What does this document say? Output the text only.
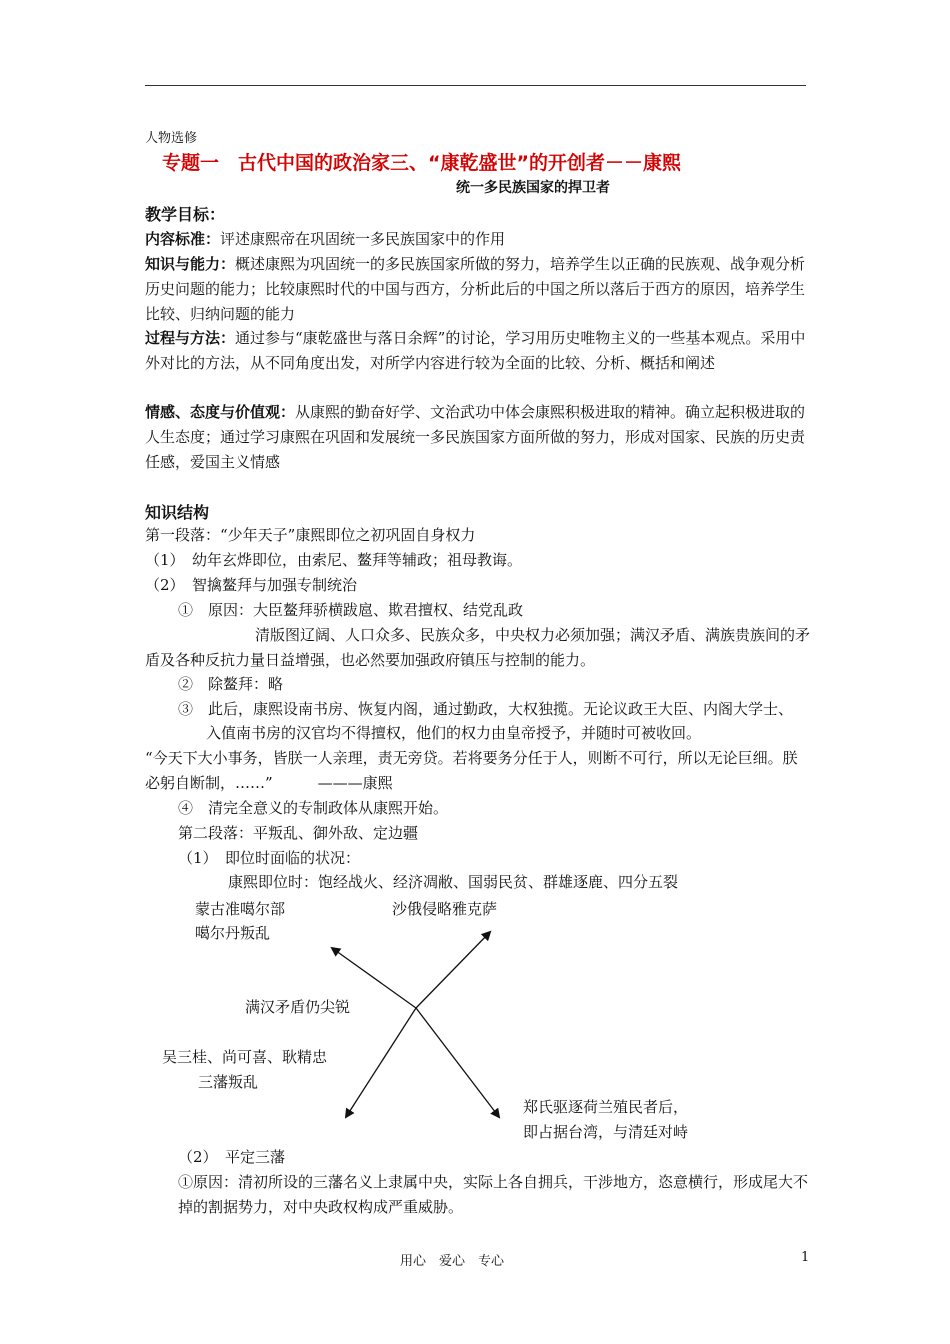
人物选修
专题一　古代中国的政治家三、“康乾盛世”的开创者－－康熙
统一多民族国家的捍卫者
教学目标：
内容标准：评述康熙帝在巩固统一多民族国家中的作用
知识与能力：概述康熙为巩固统一的多民族国家所做的努力，培养学生以正确的民族观、战争观分析历史问题的能力；比较康熙时代的中国与西方，分析此后的中国之所以落后于西方的原因，培养学生比较、归纳问题的能力
过程与方法：通过参与“康乾盛世与落日余辉”的讨论，学习用历史唯物主义的一些基本观点。采用中外对比的方法，从不同角度出发，对所学内容进行较为全面的比较、分析、概括和阐述
情感、态度与价值观：从康熙的勤奋好学、文治武功中体会康熙积极进取的精神。确立起积极进取的人生态度；通过学习康熙在巩固和发展统一多民族国家方面所做的努力，形成对国家、民族的历史责任感，爱国主义情感
知识结构
第一段落：“少年天子”康熙即位之初巩固自身权力
（1）　幼年玄烨即位，由索尼、鳌拜等辅政；祖母教诲。
（2）　智擒鳌拜与加强专制统治
①　原因：大臣鳌拜骄横跋扈、欺君擅权、结党乱政
清版图辽阔、人口众多、民族众多，中央权力必须加强；满汉矛盾、满族贵族间的矛盾及各种反抗力量日益增强，也必然要加强政府镇压与控制的能力。
②　除鳌拜：略
③　此后，康熙设南书房、恢复内阁，通过勤政，大权独揽。无论议政王大臣、内阁大学士、
入值南书房的汉官均不得擅权，他们的权力由皇帝授予，并随时可被收回。
“今天下大小事务，皆朕一人亲理，责无旁贷。若将要务分任于人，则断不可行，所以无论巨细。朕必躬自断制，……”　　　———康熙
④　清完全意义的专制政体从康熙开始。
第二段落：平叛乱、御外敌、定边疆
（1）　即位时面临的状况：
康熙即位时：饱经战火、经济凋敝、国弱民贫、群雄逐鹿、四分五裂
蒙古准噶尔部
噶尔丹叛乱
沙俄侵略雅克萨
满汉矛盾仍尖锐
吴三桂、尚可喜、耿精忠
三藩叛乱
郑氏驱逐荷兰殖民者后，
即占据台湾，与清廷对峙
（2）　平定三藩
①原因：清初所设的三藩名义上隶属中央，实际上各自拥兵，干涉地方，恣意横行，形成尾大不掉的割据势力，对中央政权构成严重威胁。
用心　爱心　专心	1
